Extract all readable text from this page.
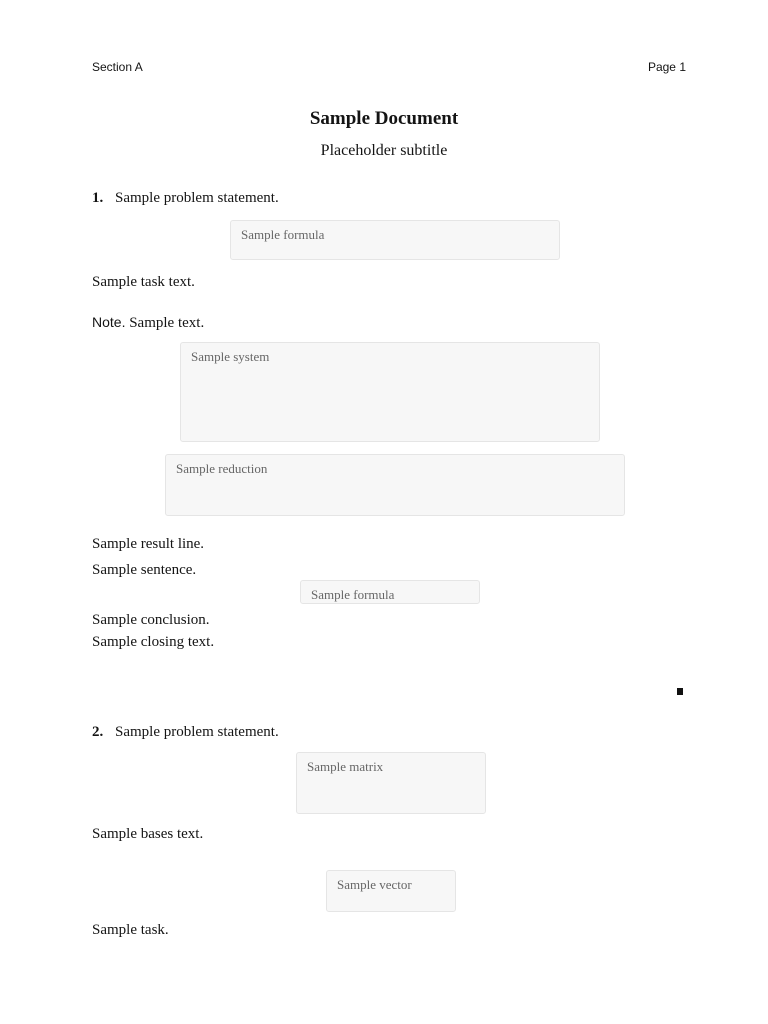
Section A	Page 1
Sample Document
Placeholder subtitle
1. Sample problem statement.
Sample formula
Sample task text.
Note. Sample text.
Sample system
Sample reduction
Sample result line.
Sample sentence.
Sample formula
Sample conclusion.
Sample closing text.
2. Sample problem statement.
Sample matrix
Sample bases text.
Sample vector
Sample task.
